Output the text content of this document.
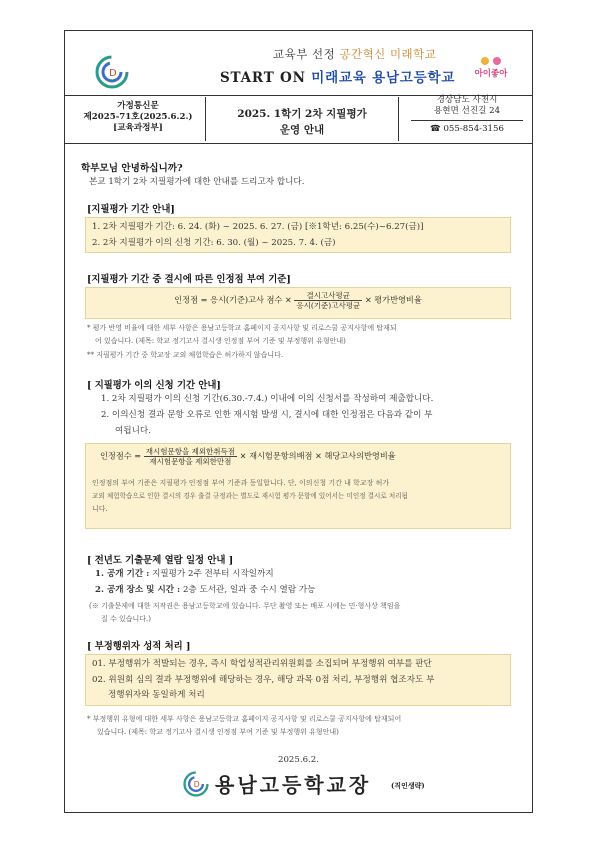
D
교육부 선정 공간혁신 미래학교
START ON 미래교육 용남고등학교	아이좋아
가정통신문
제2025-71호(2025.6.2.)
[교육과정부]
2025. 1학기 2차 지필평가
운영 안내
경상남도 사천시
용현면 선진길 24
☎ 055-854-3156
학부모님 안녕하십니까?
본교 1학기 2차 지필평가에 대한 안내를 드리고자 합니다.
[지필평가 기간 안내]
1. 2차 지필평가 기간: 6. 24. (화) ~ 2025. 6. 27. (금) [※1학년: 6.25(수)~6.27(금)]
2. 2차 지필평가 이의 신청 기간: 6. 30. (월) ~ 2025. 7. 4. (금)
[지필평가 기간 중 결시에 따른 인정점 부여 기준]
인정점 = 응시(기준)고사 점수 × $\frac{\text{결시고사평균}}{\text{응시(기준)고사평균}}$ × 평가반영비율
* 평가 반영 비율에 대한 세부 사항은 용남고등학교 홈페이지 공지사항 및 리로스쿨 공지사항에 탑재되
어 있습니다. (제목: 학교 정기고사 결시생 인정점 부여 기준 및 부정행위 유형안내)
** 지필평가 기간 중 학교장 교외 체험학습은 허가하지 않습니다.
[ 지필평가 이의 신청 기간 안내]
1. 2차 지필평가 이의 신청 기간(6.30.-7.4.) 이내에 이의 신청서를 작성하여 제출합니다.
2. 이의신청 결과 문항 오류로 인한 재시험 발생 시, 결시에 대한 인정점은 다음과 같이 부
여됩니다.
인정점수 = $\frac{\text{재시험문항을 제외한취득점}}{\text{재시험문항을 제외한만점}}$ × 재시험문항의배점 × 해당고사의반영비율
인정점의 부여 기준은 지필평가 인정점 부여 기준과 동일합니다. 단, 이의신청 기간 내 학교장 허가
교외 체험학습으로 인한 결시의 경우 출결 규정과는 별도로 재시험 평가 문항에 있어서는 미인정 결시로 처리됩
니다.
[ 전년도 기출문제 열람 일정 안내 ]
1. 공개 기간 : 지필평가 2주 전부터 시작일까지
2. 공개 장소 및 시간 : 2층 도서관, 일과 중 수시 열람 가능
(※ 기출문제에 대한 저작권은 용남고등학교에 있습니다. 무단 촬영 또는 배포 시에는 민·형사상 책임을
질 수 있습니다.)
[ 부정행위자 성적 처리 ]
01. 부정행위가 적발되는 경우, 즉시 학업성적관리위원회를 소집되며 부정행위 여부를 판단
02. 위원회 심의 결과 부정행위에 해당하는 경우, 해당 과목 0점 처리, 부정행위 협조자도 부
정행위자와 동일하게 처리
* 부정행위 유형에 대한 세부 사항은 용남고등학교 홈페이지 공지사항 및 리로스쿨 공지사항에 탑재되어
있습니다. (제목: 학교 정기고사 결시생 인정점 부여 기준 및 부정행위 유형안내)
2025.6.2.
D 용남고등학교장	(직인생략)
